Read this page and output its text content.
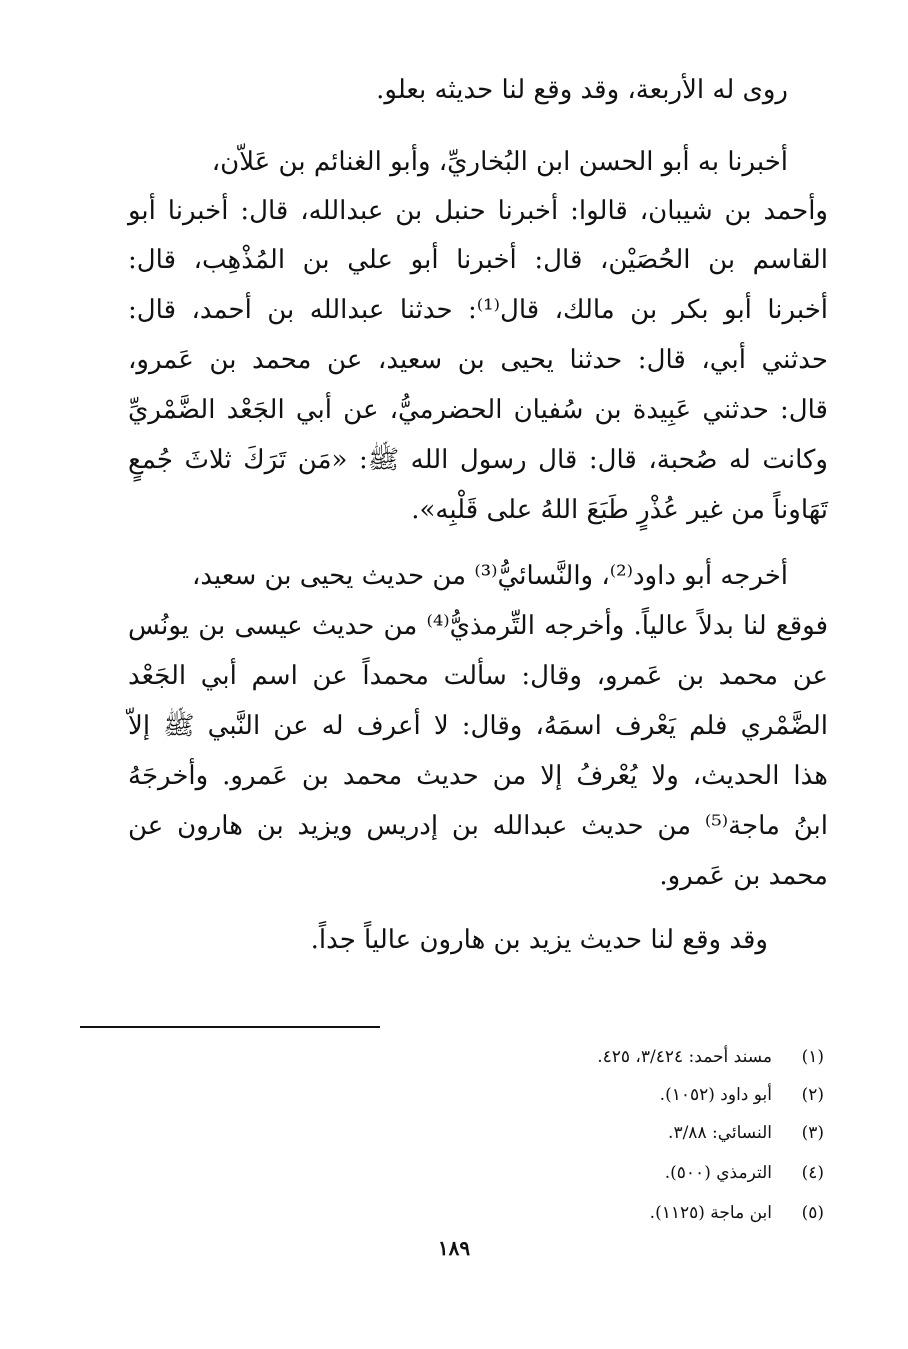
روى له الأربعة، وقد وقع لنا حديثه بعلو.
أخبرنا به أبو الحسن ابن البُخاريِّ، وأبو الغنائم بن عَلاّن،
وأحمد بن شيبان، قالوا: أخبرنا حنبل بن عبدالله، قال: أخبرنا أبو
القاسم بن الحُصَيْن، قال: أخبرنا أبو علي بن المُذْهِب، قال:
أخبرنا أبو بكر بن مالك، قال⁽¹⁾: حدثنا عبدالله بن أحمد، قال:
حدثني أبي، قال: حدثنا يحيى بن سعيد، عن محمد بن عَمرو،
قال: حدثني عَبِيدة بن سُفيان الحضرميُّ، عن أبي الجَعْد الضَّمْريِّ
وكانت له صُحبة، قال: قال رسول الله ﷺ: «مَن تَرَكَ ثلاثَ جُمعٍ
تَهَاوناً من غير عُذْرٍ طَبَعَ اللهُ على قَلْبِه».
أخرجه أبو داود⁽²⁾، والنَّسائيُّ⁽³⁾ من حديث يحيى بن سعيد،
فوقع لنا بدلاً عالياً. وأخرجه التِّرمذيُّ⁽⁴⁾ من حديث عيسى بن يونُس
عن محمد بن عَمرو، وقال: سألت محمداً عن اسم أبي الجَعْد
الضَّمْري فلم يَعْرف اسمَهُ، وقال: لا أعرف له عن النَّبي ﷺ إلاّ
هذا الحديث، ولا يُعْرفُ إلا من حديث محمد بن عَمرو. وأخرجَهُ
ابنُ ماجة⁽⁵⁾ من حديث عبدالله بن إدريس ويزيد بن هارون عن
محمد بن عَمرو.
وقد وقع لنا حديث يزيد بن هارون عالياً جداً.
(١)مسند أحمد: ٣/٤٢٤، ٤٢٥.
(٢)أبو داود (١٠٥٢).
(٣)النسائي: ٣/٨٨.
(٤)الترمذي (٥٠٠).
(٥)ابن ماجة (١١٢٥).
١٨٩
